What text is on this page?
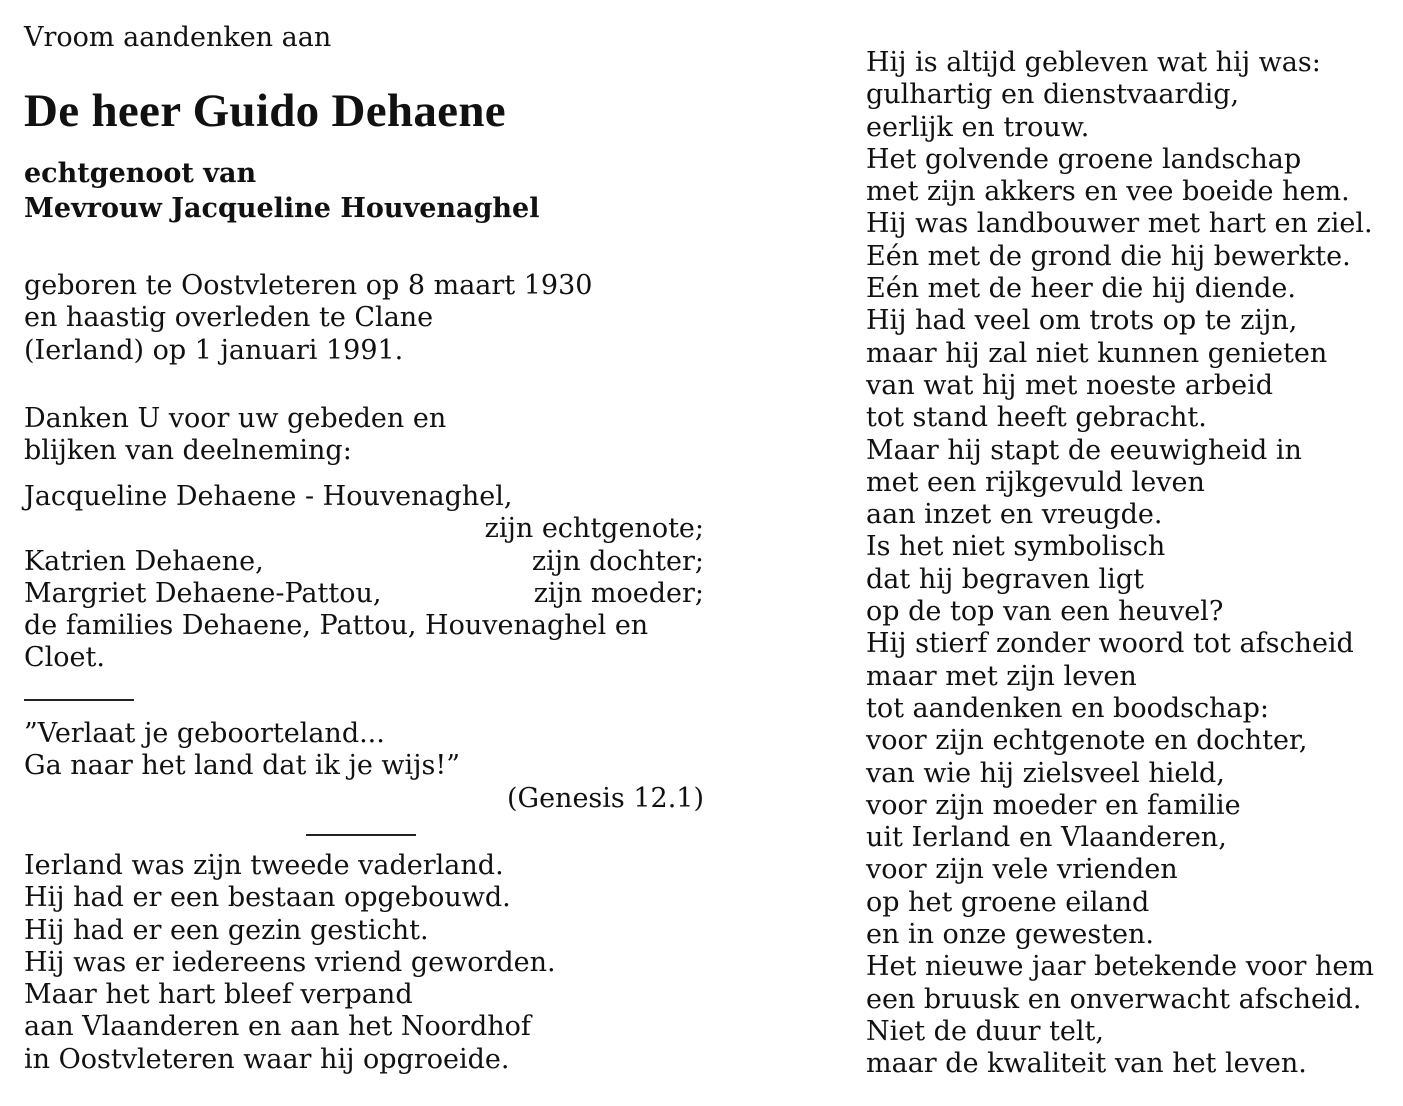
Vroom aandenken aan

De heer Guido Dehaene
echtgenoot van
Mevrouw Jacqueline Houvenaghel

geboren te Oostvleteren op 8 maart 1930

en haastig overleden te Clane

(Ierland) op 1 januari 1991.

Danken U voor uw gebeden en

blijken van deelneming:

Jacqueline Dehaene - Houvenaghel,

zijn echtgenote;
Katrien Dehaene,	zijn dochter;
Margriet Dehaene-Pattou,	zijn moeder;

de families Dehaene, Pattou, Houvenaghel en

Cloet.

”Verlaat je geboorteland...

Ga naar het land dat ik je wijs!”

(Genesis 12.1)

Ierland was zijn tweede vaderland.

Hij had er een bestaan opgebouwd.

Hij had er een gezin gesticht.

Hij was er iedereens vriend geworden.

Maar het hart bleef verpand

aan Vlaanderen en aan het Noordhof

in Oostvleteren waar hij opgroeide.

Hij is altijd gebleven wat hij was:

gulhartig en dienstvaardig,

eerlijk en trouw.

Het golvende groene landschap

met zijn akkers en vee boeide hem.

Hij was landbouwer met hart en ziel.

Eén met de grond die hij bewerkte.

Eén met de heer die hij diende.

Hij had veel om trots op te zijn,

maar hij zal niet kunnen genieten

van wat hij met noeste arbeid

tot stand heeft gebracht.

Maar hij stapt de eeuwigheid in

met een rijkgevuld leven

aan inzet en vreugde.

Is het niet symbolisch

dat hij begraven ligt

op de top van een heuvel?

Hij stierf zonder woord tot afscheid

maar met zijn leven

tot aandenken en boodschap:

voor zijn echtgenote en dochter,

van wie hij zielsveel hield,

voor zijn moeder en familie

uit Ierland en Vlaanderen,

voor zijn vele vrienden

op het groene eiland

en in onze gewesten.

Het nieuwe jaar betekende voor hem

een bruusk en onverwacht afscheid.

Niet de duur telt,

maar de kwaliteit van het leven.
